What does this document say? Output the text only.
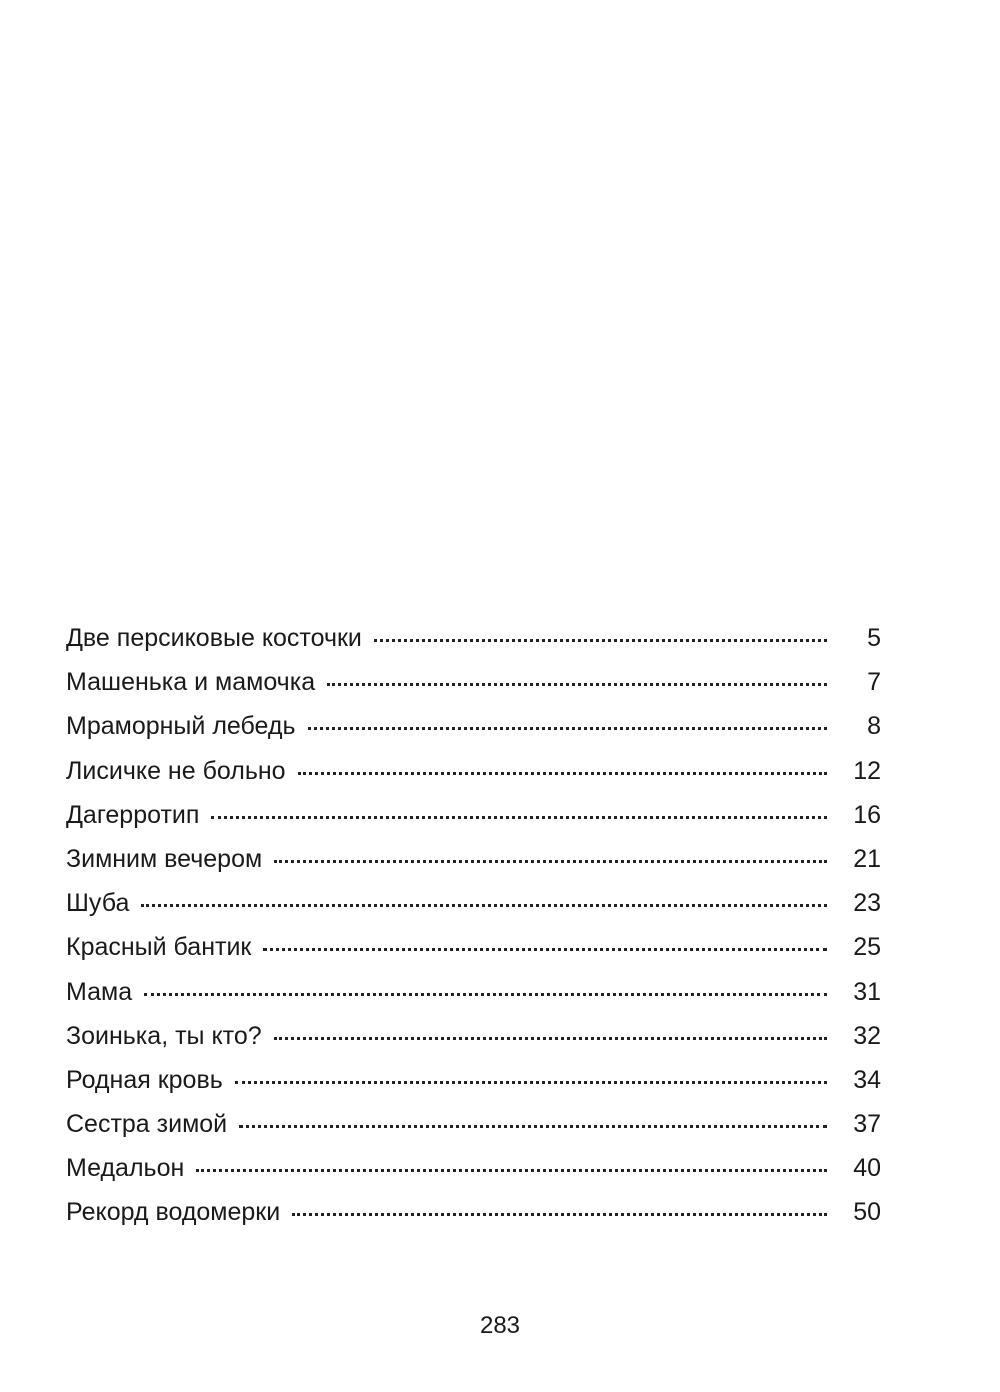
Две персиковые косточки	5
Машенька и мамочка	7
Мраморный лебедь	8
Лисичке не больно	12
Дагерротип	16
Зимним вечером	21
Шуба	23
Красный бантик	25
Мама	31
Зоинька, ты кто?	32
Родная кровь	34
Сестра зимой	37
Медальон	40
Рекорд водомерки	50
283
